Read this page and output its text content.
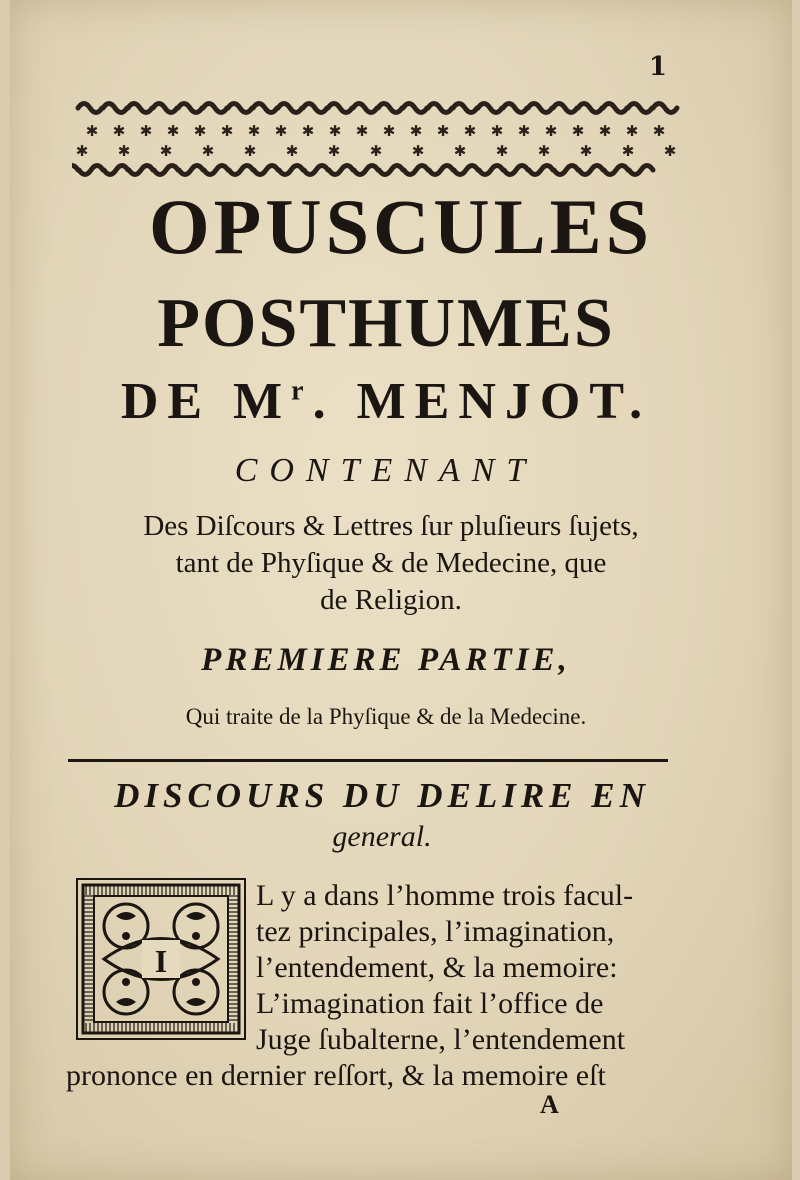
1
✱ ✱ ✱ ✱ ✱ ✱ ✱ ✱ ✱ ✱ ✱ ✱ ✱ ✱ ✱ ✱ ✱ ✱ ✱ ✱ ✱ ✱
✱ ✱ ✱ ✱ ✱ ✱ ✱ ✱ ✱ ✱ ✱ ✱ ✱ ✱ ✱
OPUSCULES
POSTHUMES
DE $M^r$. MENJOT.
CONTENANT
Des Diſcours & Lettres ſur pluſieurs ſujets,
tant de Phyſique & de Medecine, que
de Religion.
PREMIERE PARTIE,
Qui traite de la Phyſique & de la Medecine.
DISCOURS DU DELIRE EN
general.
I
L y a dans l’homme trois facul-
tez principales, l’imagination,
l’entendement, & la memoire:
L’imagination fait l’office de
Juge ſubalterne, l’entendement
prononce en dernier reſſort, & la memoire eſt
A
